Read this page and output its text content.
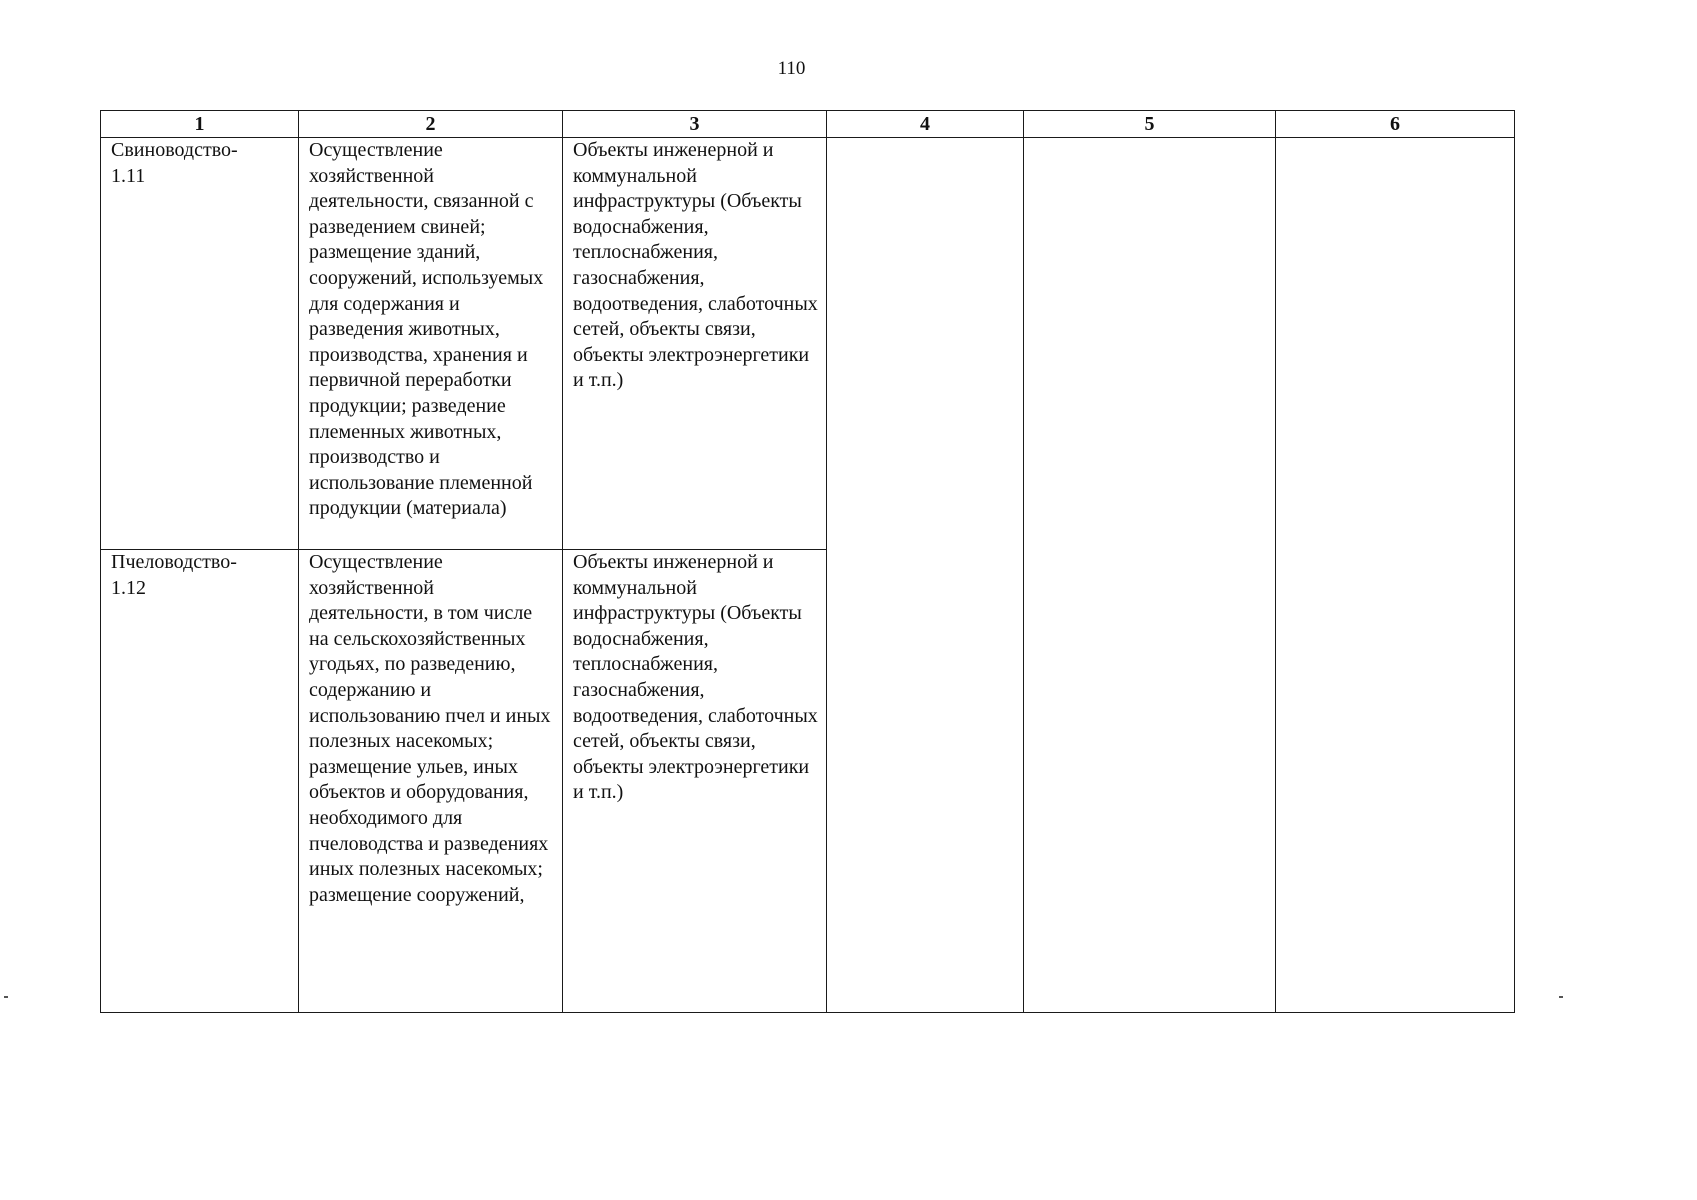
110
1	2	3	4	5	6

Свиноводство-
1.11	Осуществление хозяйственной деятельности, связанной с разведением свиней; размещение зданий, сооружений, используемых для содержания и разведения животных, производства, хранения и первичной переработки продукции; разведение племенных животных, производство и использование племенной продукции (материала)	Объекты инженерной и коммунальной инфраструктуры (Объекты водоснабжения, теплоснабжения, газоснабжения, водоотведения, слаботочных сетей, объекты связи, объекты электроэнергетики и т.п.)			

Пчеловодство-
1.12	Осуществление хозяйственной деятельности, в том числе на сельскохозяйственных угодьях, по разведению, содержанию и использованию пчел и иных полезных насекомых; размещение ульев, иных объектов и оборудования, необходимого для пчеловодства и разведениях иных полезных насекомых; размещение сооружений,	Объекты инженерной и коммунальной инфраструктуры (Объекты водоснабжения, теплоснабжения, газоснабжения, водоотведения, слаботочных сетей, объекты связи, объекты электроэнергетики и т.п.)			
